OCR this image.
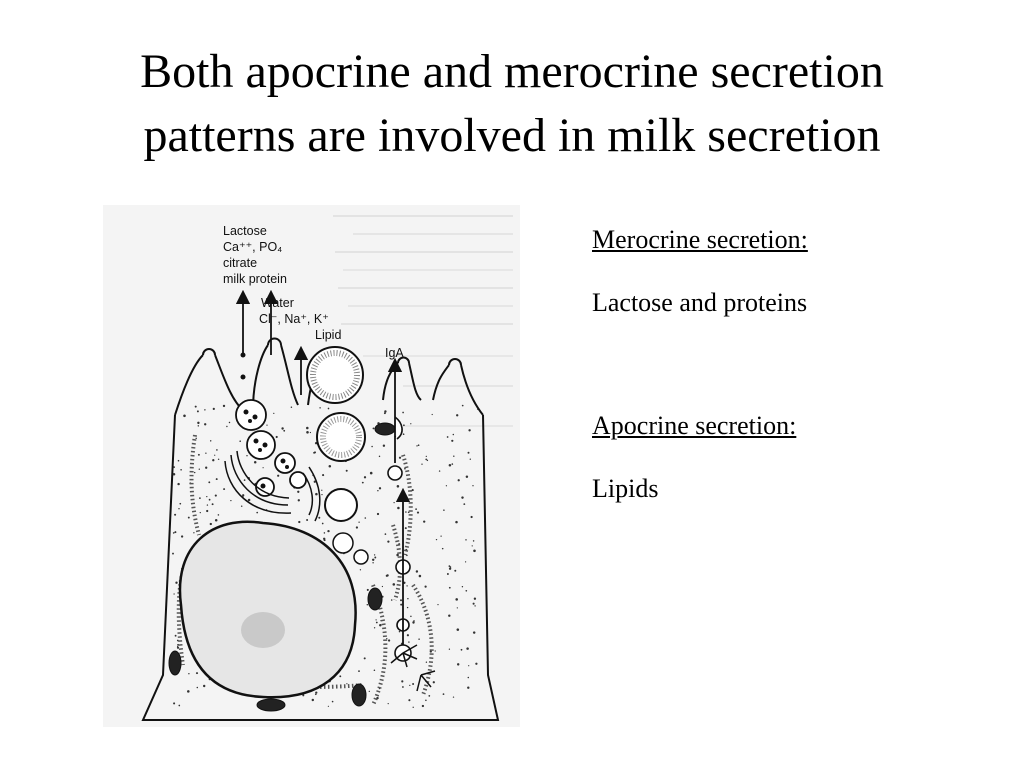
Both apocrine and merocrine secretion
patterns are involved in milk secretion
Lactose
Ca⁺⁺, PO₄
citrate
milk protein
Water
Cl⁻, Na⁺, K⁺
Lipid
IgA

Merocrine secretion:

Lactose and proteins

Apocrine secretion:

Lipids
